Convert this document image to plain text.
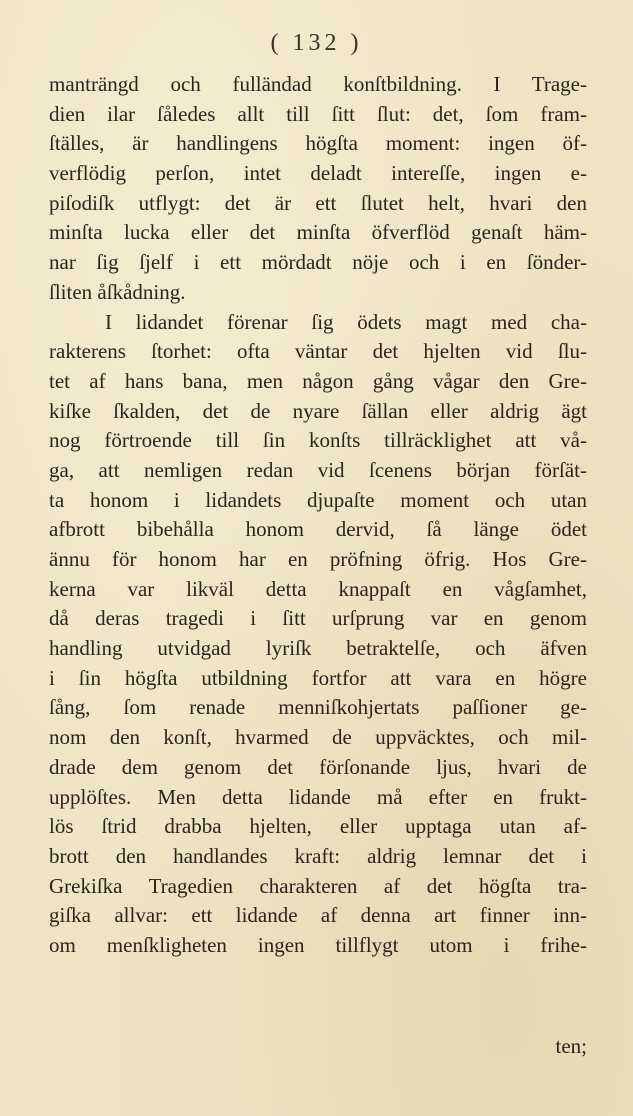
( 132 )
manträngd och fulländad konſtbildning. I Trage-
dien ilar ſåledes allt till ſitt ſlut: det, ſom fram-
ſtälles, är handlingens högſta moment: ingen öf-
verflödig perſon, intet deladt intereſſe, ingen e-
piſodiſk utflygt: det är ett ſlutet helt, hvari den
minſta lucka eller det minſta öfverflöd genaſt häm-
nar ſig ſjelf i ett mördadt nöje och i en ſönder-
ſliten åſkådning.
I lidandet förenar ſig ödets magt med cha-
rakterens ſtorhet: ofta väntar det hjelten vid ſlu-
tet af hans bana, men någon gång vågar den Gre-
kiſke ſkalden, det de nyare ſällan eller aldrig ägt
nog förtroende till ſin konſts tillräcklighet att vå-
ga, att nemligen redan vid ſcenens början förſät-
ta honom i lidandets djupaſte moment och utan
afbrott bibehålla honom dervid, ſå länge ödet
ännu för honom har en pröfning öfrig. Hos Gre-
kerna var likväl detta knappaſt en vågſamhet,
då deras tragedi i ſitt urſprung var en genom
handling utvidgad lyriſk betraktelſe, och äfven
i ſin högſta utbildning fortfor att vara en högre
ſång, ſom renade menniſkohjertats paſſioner ge-
nom den konſt, hvarmed de uppväcktes, och mil-
drade dem genom det förſonande ljus, hvari de
upplöſtes. Men detta lidande må efter en frukt-
lös ſtrid drabba hjelten, eller upptaga utan af-
brott den handlandes kraft: aldrig lemnar det i
Grekiſka Tragedien charakteren af det högſta tra-
giſka allvar: ett lidande af denna art finner inn-
om menſkligheten ingen tillflygt utom i frihe-
ten;
